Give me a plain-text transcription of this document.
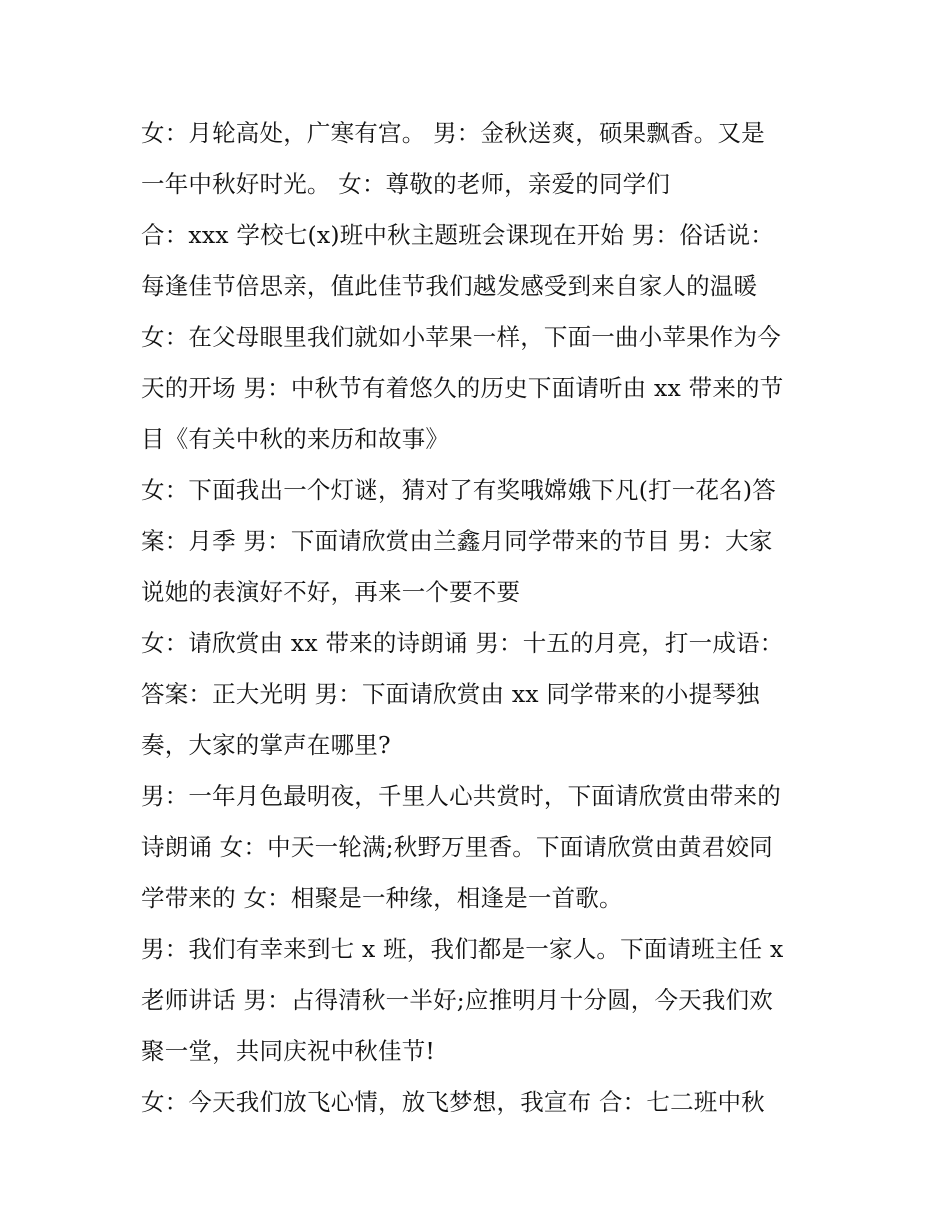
女：月轮高处，广寒有宫。 男：金秋送爽，硕果飘香。又是
一年中秋好时光。 女：尊敬的老师，亲爱的同学们
合：xxx 学校七(x)班中秋主题班会课现在开始 男：俗话说：
每逢佳节倍思亲，值此佳节我们越发感受到来自家人的温暖
女：在父母眼里我们就如小苹果一样，下面一曲小苹果作为今
天的开场 男：中秋节有着悠久的历史下面请听由 xx 带来的节
目《有关中秋的来历和故事》
女：下面我出一个灯谜，猜对了有奖哦嫦娥下凡(打一花名)答
案：月季 男：下面请欣赏由兰鑫月同学带来的节目 男：大家
说她的表演好不好，再来一个要不要
女：请欣赏由 xx 带来的诗朗诵 男：十五的月亮，打一成语：
答案：正大光明 男：下面请欣赏由 xx 同学带来的小提琴独
奏，大家的掌声在哪里?
男：一年月色最明夜，千里人心共赏时，下面请欣赏由带来的
诗朗诵 女：中天一轮满;秋野万里香。下面请欣赏由黄君姣同
学带来的 女：相聚是一种缘，相逢是一首歌。
男：我们有幸来到七 x 班，我们都是一家人。下面请班主任 x
老师讲话 男：占得清秋一半好;应推明月十分圆，今天我们欢
聚一堂，共同庆祝中秋佳节!
女：今天我们放飞心情，放飞梦想，我宣布 合：七二班中秋
